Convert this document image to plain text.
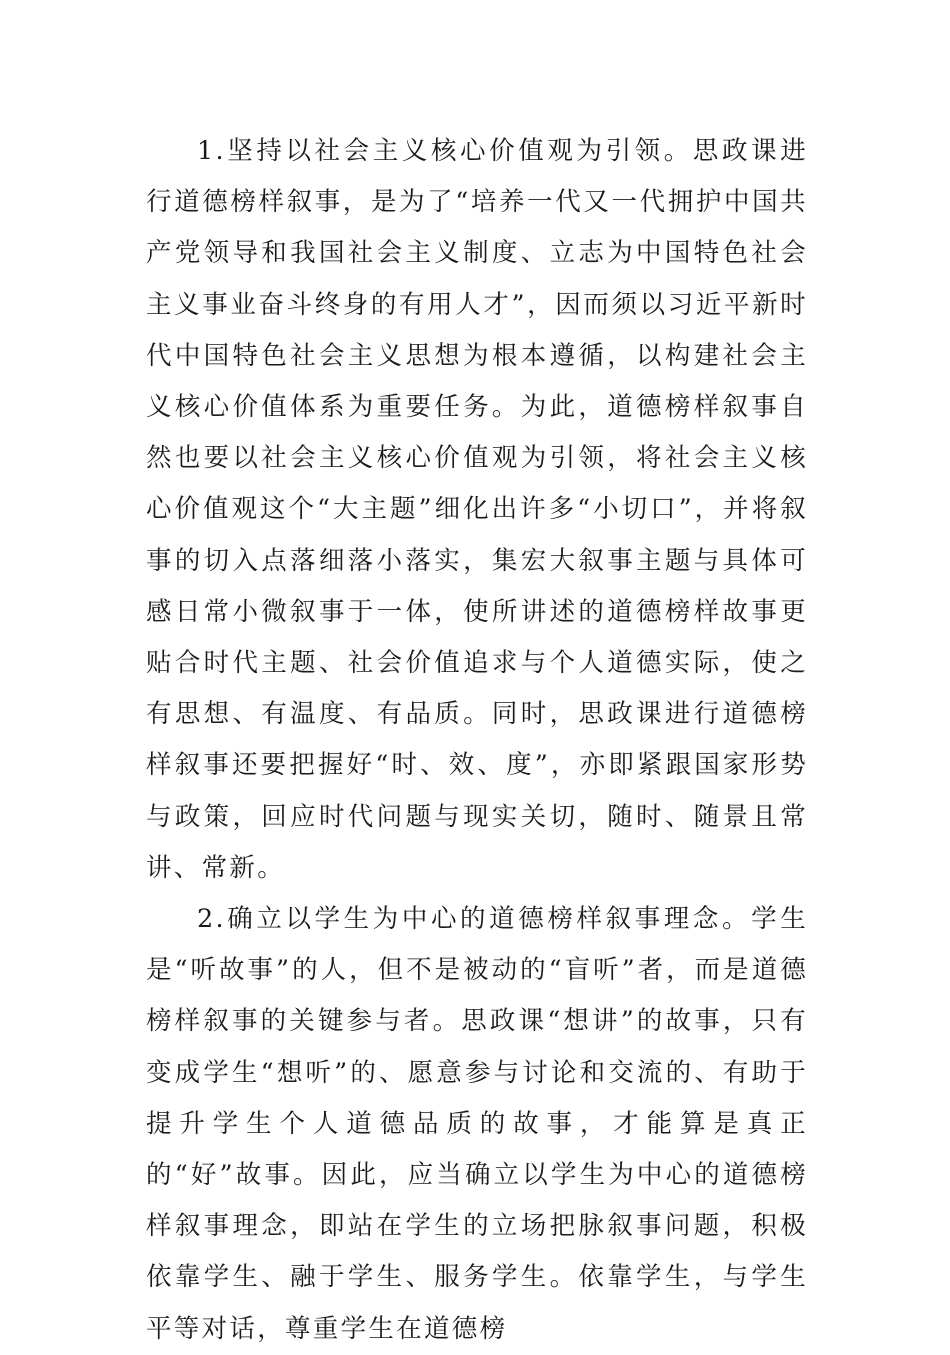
1.坚持以社会主义核心价值观为引领。思政课进行道德榜样叙事，是为了“培养一代又一代拥护中国共产党领导和我国社会主义制度、立志为中国特色社会主义事业奋斗终身的有用人才”，因而须以习近平新时代中国特色社会主义思想为根本遵循，以构建社会主义核心价值体系为重要任务。为此，道德榜样叙事自然也要以社会主义核心价值观为引领，将社会主义核心价值观这个“大主题”细化出许多“小切口”，并将叙事的切入点落细落小落实，集宏大叙事主题与具体可感日常小微叙事于一体，使所讲述的道德榜样故事更贴合时代主题、社会价值追求与个人道德实际，使之有思想、有温度、有品质。同时，思政课进行道德榜样叙事还要把握好“时、效、度”，亦即紧跟国家形势与政策，回应时代问题与现实关切，随时、随景且常讲、常新。

2.确立以学生为中心的道德榜样叙事理念。学生是“听故事”的人，但不是被动的“盲听”者，而是道德榜样叙事的关键参与者。思政课“想讲”的故事，只有变成学生“想听”的、愿意参与讨论和交流的、有助于提升学生个人道德品质的故事，才能算是真正的“好”故事。因此，应当确立以学生为中心的道德榜样叙事理念，即站在学生的立场把脉叙事问题，积极依靠学生、融于学生、服务学生。依靠学生，与学生平等对话，尊重学生在道德榜
